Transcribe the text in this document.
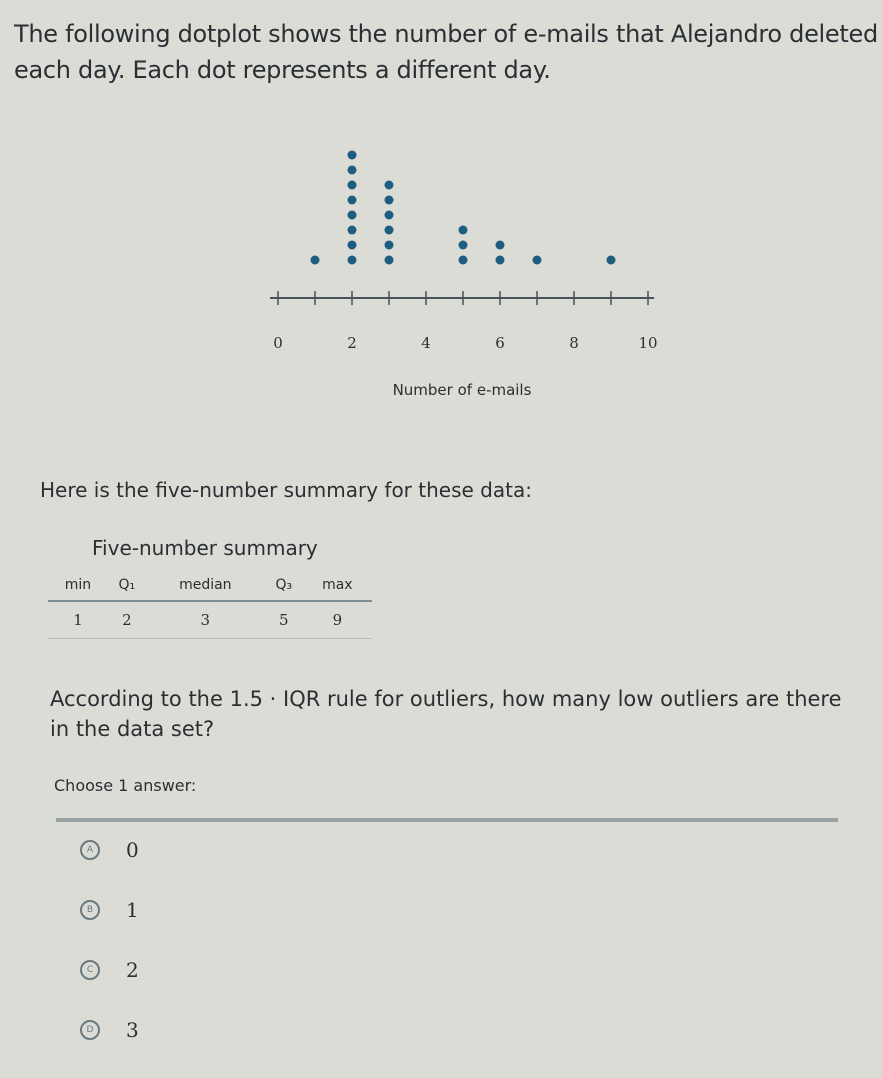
The following dotplot shows the number of e-mails that Alejandro deleted
each day. Each dot represents a different day.
0	2	4	6	8	10
Number of e-mails
Here is the five-number summary for these data:
Five-number summary
min	Q₁	median	Q₃	max
1	2	3	5	9
According to the 1.5 · IQR rule for outliers, how many low outliers are there in the data set?
Choose 1 answer:
A	0
B	1
C	2
D	3
